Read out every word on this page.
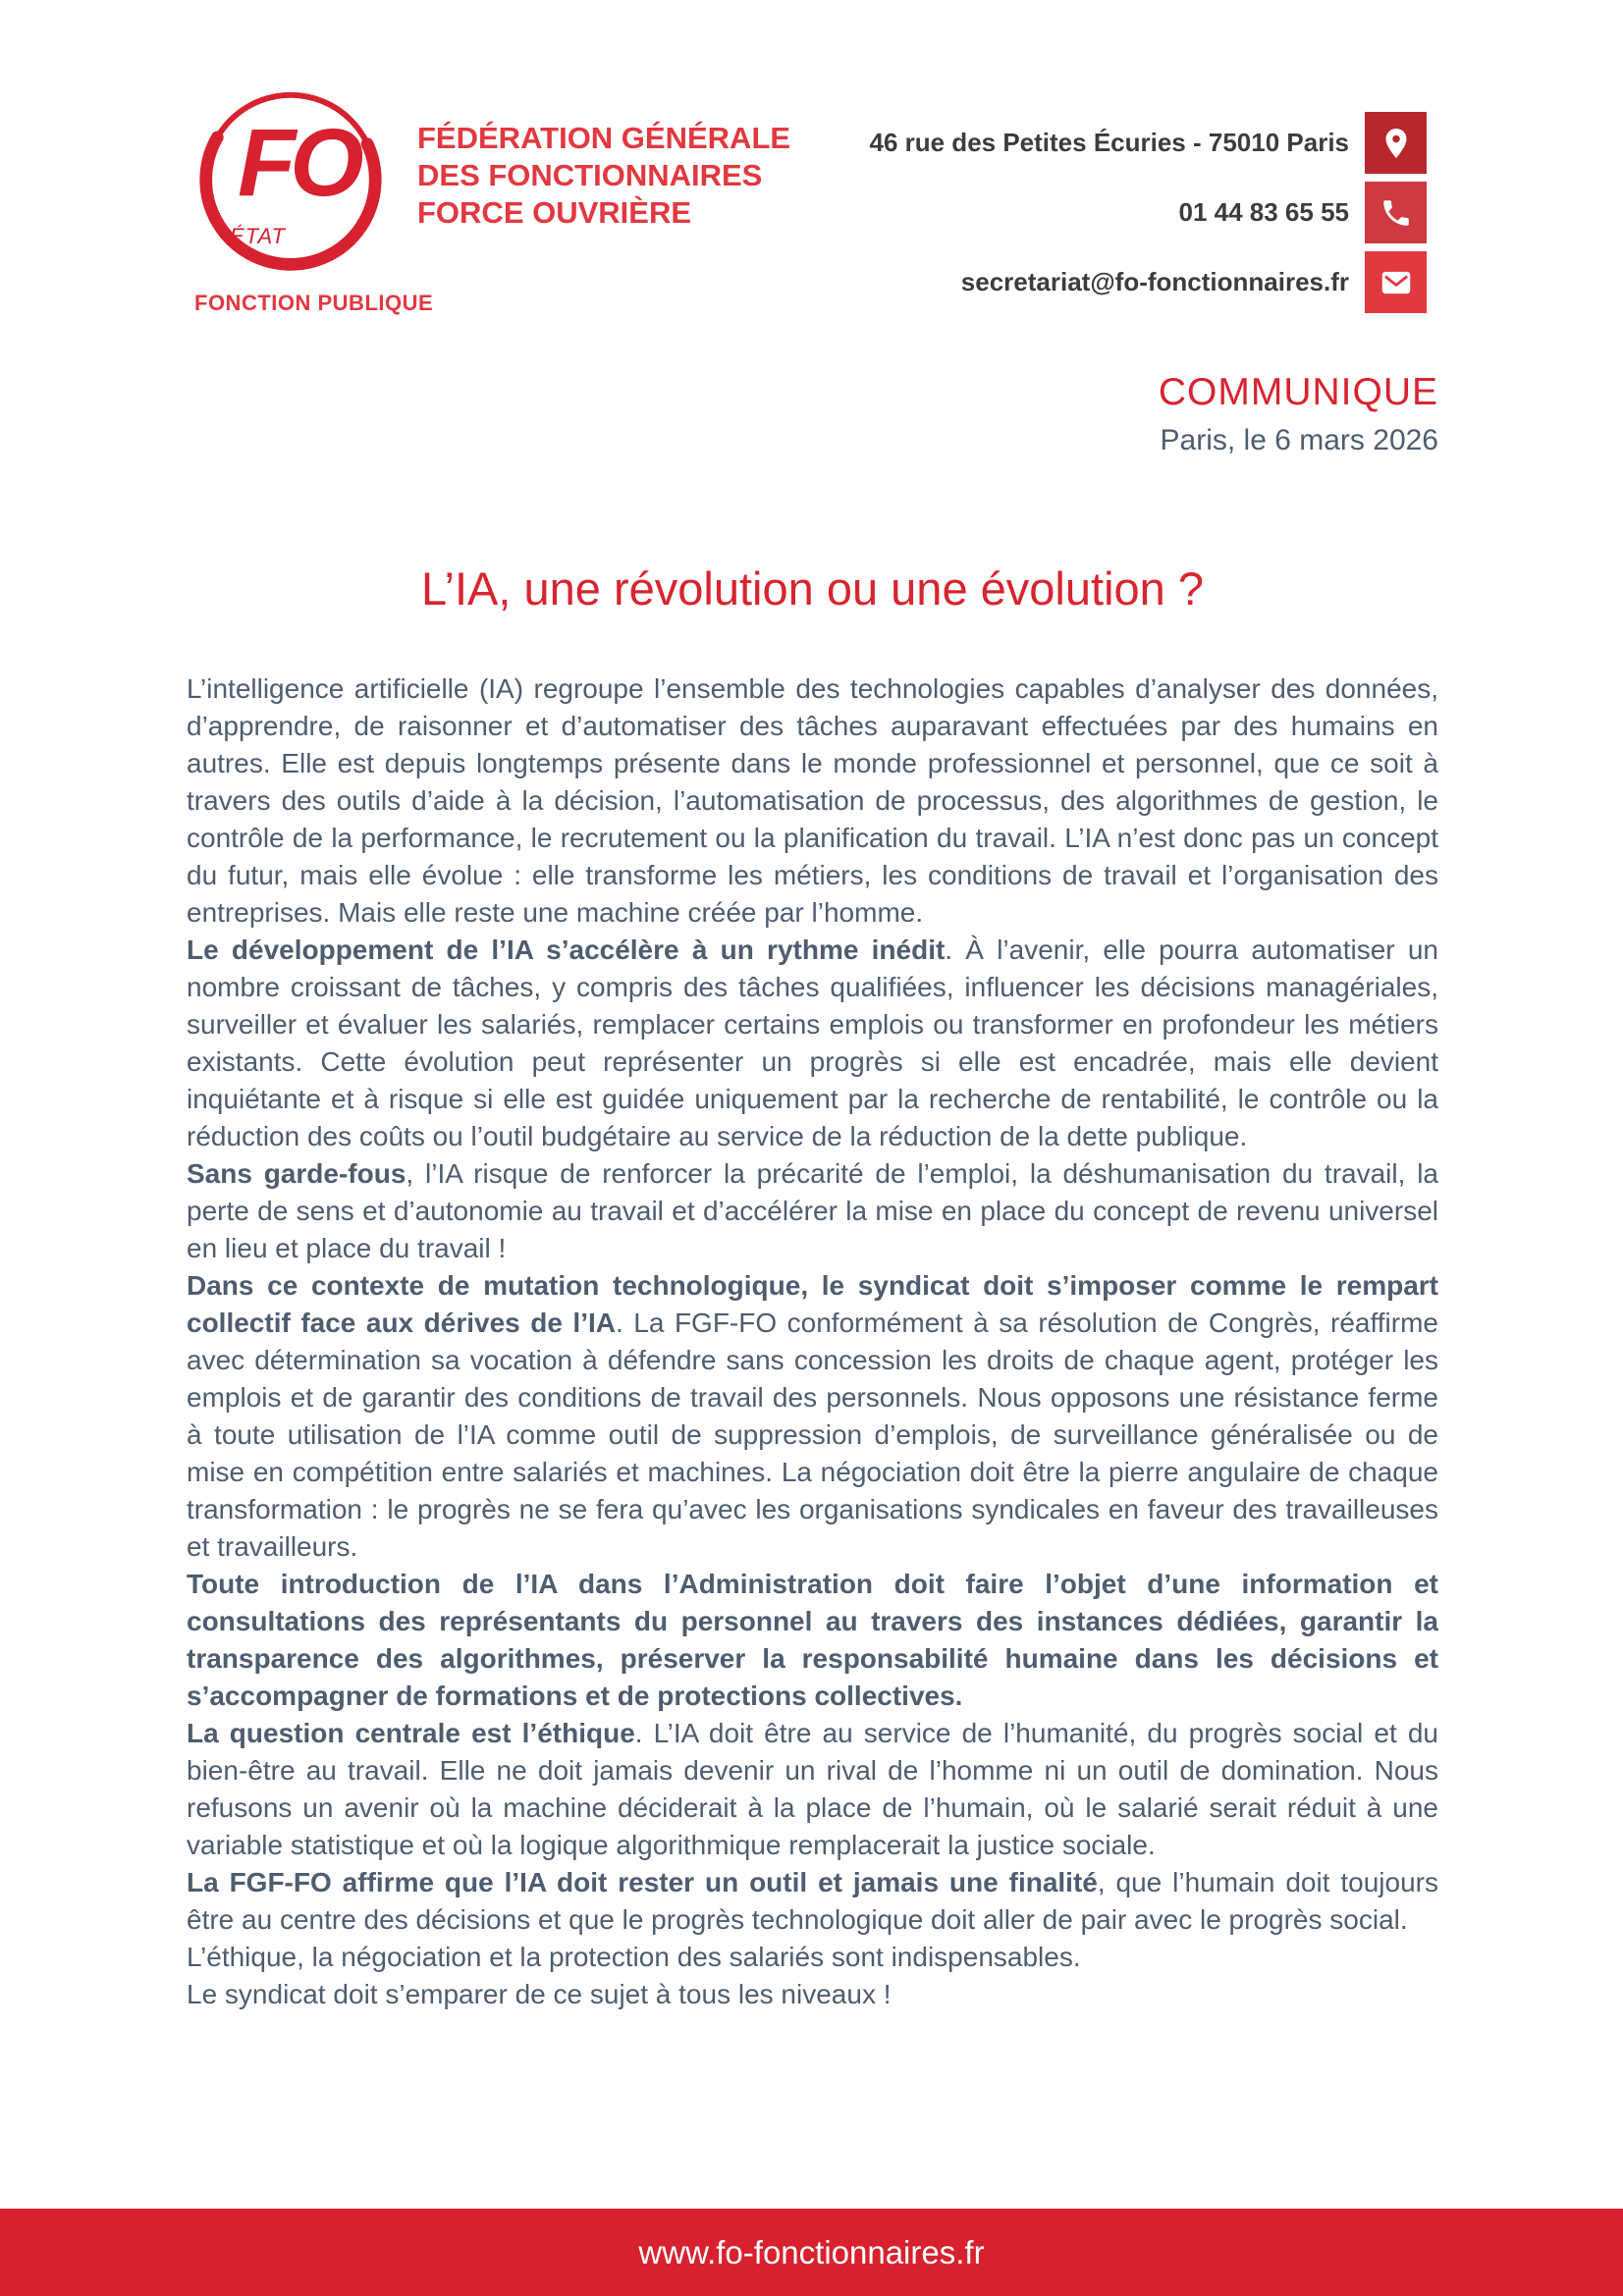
FO
ÉTAT
FONCTION PUBLIQUE
FÉDÉRATION GÉNÉRALE
DES FONCTIONNAIRES
FORCE OUVRIÈRE
46 rue des Petites Écuries - 75010 Paris
01 44 83 65 55
secretariat@fo-fonctionnaires.fr
COMMUNIQUE
Paris, le 6 mars 2026
L’IA, une révolution ou une évolution ?

L’intelligence artificielle (IA) regroupe l’ensemble des technologies capables d’analyser des données, d’apprendre, de raisonner et d’automatiser des tâches auparavant effectuées par des humains en autres. Elle est depuis longtemps présente dans le monde professionnel et personnel, que ce soit à travers des outils d’aide à la décision, l’automatisation de processus, des algorithmes de gestion, le contrôle de la performance, le recrutement ou la planification du travail. L’IA n’est donc pas un concept du futur, mais elle évolue : elle transforme les métiers, les conditions de travail et l’organisation des entreprises. Mais elle reste une machine créée par l’homme.

Le développement de l’IA s’accélère à un rythme inédit. À l’avenir, elle pourra automatiser un nombre croissant de tâches, y compris des tâches qualifiées, influencer les décisions managériales, surveiller et évaluer les salariés, remplacer certains emplois ou transformer en profondeur les métiers existants. Cette évolution peut représenter un progrès si elle est encadrée, mais elle devient inquiétante et à risque si elle est guidée uniquement par la recherche de rentabilité, le contrôle ou la réduction des coûts ou l’outil budgétaire au service de la réduction de la dette publique.

Sans garde-fous, l’IA risque de renforcer la précarité de l’emploi, la déshumanisation du travail, la perte de sens et d’autonomie au travail et d’accélérer la mise en place du concept de revenu universel en lieu et place du travail !

Dans ce contexte de mutation technologique, le syndicat doit s’imposer comme le rempart collectif face aux dérives de l’IA. La FGF-FO conformément à sa résolution de Congrès, réaffirme avec détermination sa vocation à défendre sans concession les droits de chaque agent, protéger les emplois et de garantir des conditions de travail des personnels. Nous opposons une résistance ferme à toute utilisation de l’IA comme outil de suppression d’emplois, de surveillance généralisée ou de mise en compétition entre salariés et machines. La négociation doit être la pierre angulaire de chaque transformation : le progrès ne se fera qu’avec les organisations syndicales en faveur des travailleuses et travailleurs.

Toute introduction de l’IA dans l’Administration doit faire l’objet d’une information et consultations des représentants du personnel au travers des instances dédiées, garantir la transparence des algorithmes, préserver la responsabilité humaine dans les décisions et s’accompagner de formations et de protections collectives.

La question centrale est l’éthique. L’IA doit être au service de l’humanité, du progrès social et du bien-être au travail. Elle ne doit jamais devenir un rival de l’homme ni un outil de domination. Nous refusons un avenir où la machine déciderait à la place de l’humain, où le salarié serait réduit à une variable statistique et où la logique algorithmique remplacerait la justice sociale.

La FGF-FO affirme que l’IA doit rester un outil et jamais une finalité, que l’humain doit toujours être au centre des décisions et que le progrès technologique doit aller de pair avec le progrès social.

L’éthique, la négociation et la protection des salariés sont indispensables.

Le syndicat doit s’emparer de ce sujet à tous les niveaux !

www.fo-fonctionnaires.fr
